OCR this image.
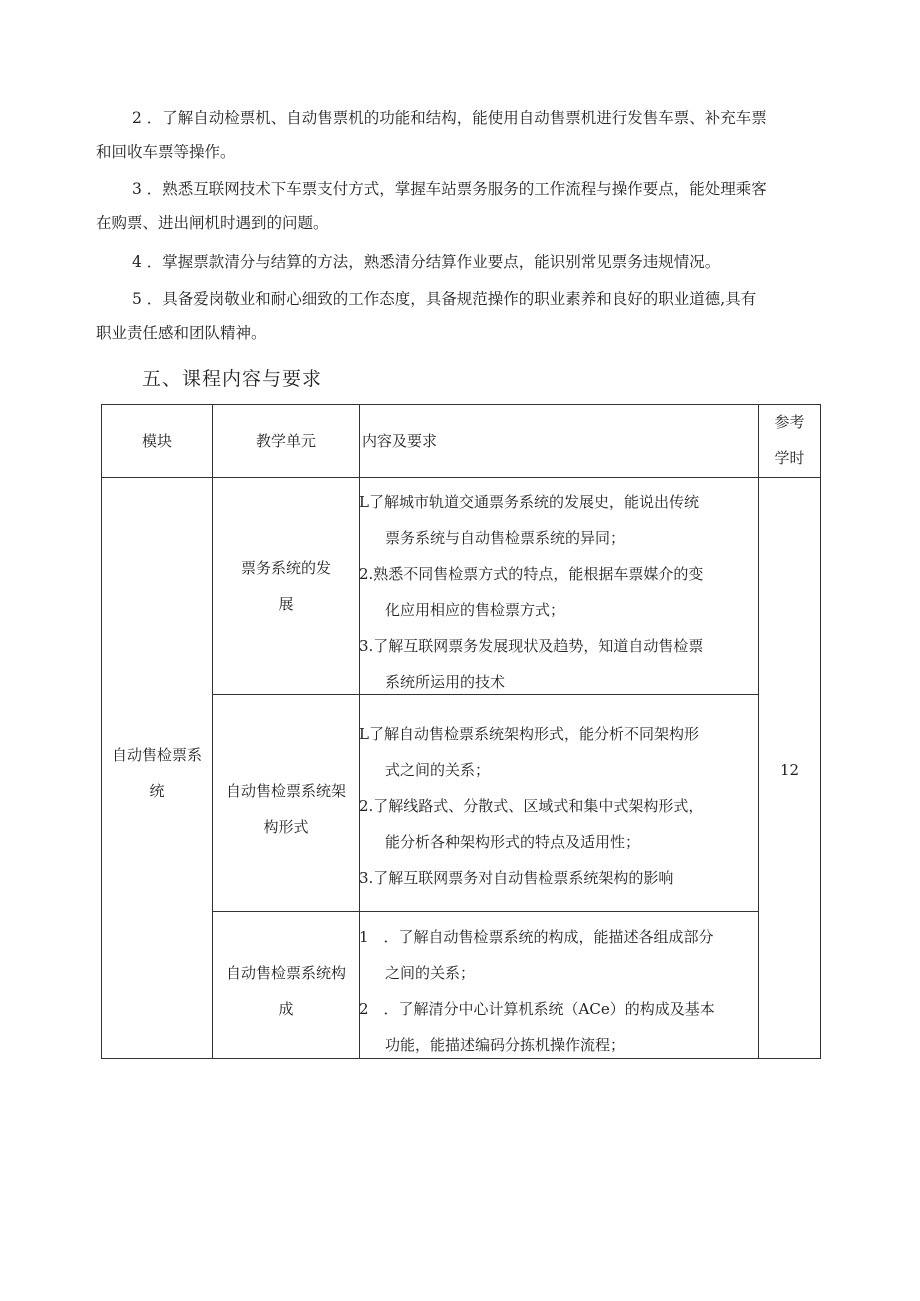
2 ．了解自动检票机、自动售票机的功能和结构，能使用自动售票机进行发售车票、补充车票
和回收车票等操作。
3 ．熟悉互联网技术下车票支付方式，掌握车站票务服务的工作流程与操作要点，能处理乘客
在购票、进出闸机时遇到的问题。
4 ．掌握票款清分与结算的方法，熟悉清分结算作业要点，能识别常见票务违规情况。
5 ．具备爱岗敬业和耐心细致的工作态度，具备规范操作的职业素养和良好的职业道德,具有
职业责任感和团队精神。
五、课程内容与要求
模块	教学单元	内容及要求
参考
学时
自动售检票系
统
12
票务系统的发
展
L了解城市轨道交通票务系统的发展史，能说出传统
票务系统与自动售检票系统的异同；
2.熟悉不同售检票方式的特点，能根据车票媒介的变
化应用相应的售检票方式；
3.了解互联网票务发展现状及趋势，知道自动售检票
系统所运用的技术
自动售检票系统架
构形式
L了解自动售检票系统架构形式，能分析不同架构形
式之间的关系；
2.了解线路式、分散式、区域式和集中式架构形式，
能分析各种架构形式的特点及适用性；
3.了解互联网票务对自动售检票系统架构的影响
自动售检票系统构
成
1　．了解自动售检票系统的构成，能描述各组成部分
之间的关系；
2　．了解清分中心计算机系统（ACe）的构成及基本
功能，能描述编码分拣机操作流程；
